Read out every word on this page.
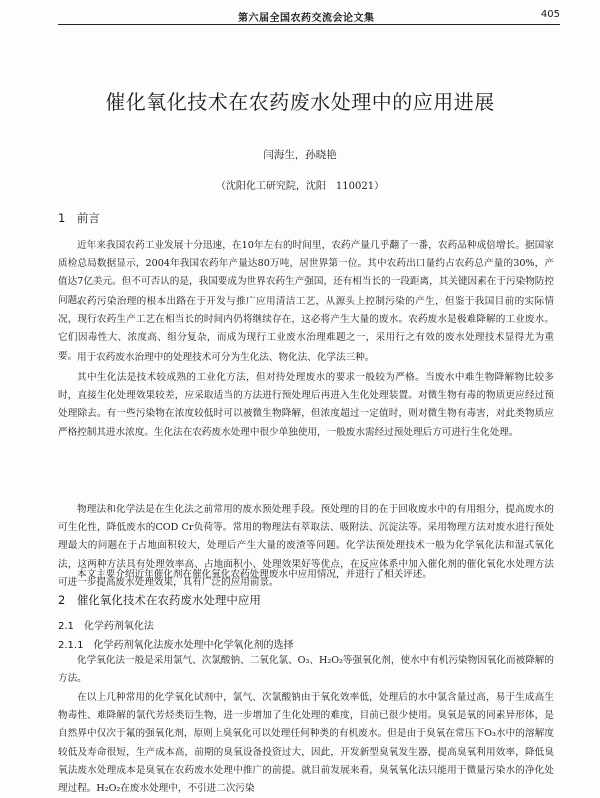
第六届全国农药交流会论文集	405
催化氧化技术在农药废水处理中的应用进展
闫海生，孙晓艳
（沈阳化工研究院，沈阳　110021）
1　前言

近年来我国农药工业发展十分迅速，在10年左右的时间里，农药产量几乎翻了一番，农药品种成倍增长。据国家质检总局数据显示，2004年我国农药年产量达80万吨，居世界第一位。其中农药出口量约占农药总产量的30%，产值达7亿美元。但不可否认的是，我国要成为世界农药生产强国，还有相当长的一段距离，其关键因素在于污染物防控问题。

农药污染治理的根本出路在于开发与推广应用清洁工艺，从源头上控制污染的产生，但鉴于我国目前的实际情况，现行农药生产工艺在相当长的时间内仍将继续存在，这必将产生大量的废水。农药废水是极难降解的工业废水。它们因毒性大、浓度高、组分复杂，而成为现行工业废水治理难题之一，采用行之有效的废水处理技术显得尤为重要。 用于农药废水治理中的处理技术可分为生化法、物化法、化学法三种。

其中生化法是技术较成熟的工业化方法，但对待处理废水的要求一般较为严格。当废水中难生物降解物比较多时，直接生化处理效果较差，应采取适当的方法进行预处理后再进入生化处理装置。对微生物有毒的物质更应经过预处理除去。有一些污染物在浓度较低时可以被微生物降解，但浓度超过一定值时，则对微生物有毒害，对此类物质应严格控制其进水浓度。生化法在农药废水处理中很少单独使用，一般废水需经过预处理后方可进行生化处理。

物理法和化学法是在生化法之前常用的废水预处理手段。预处理的目的在于回收废水中的有用组分，提高废水的可生化性，降低废水的COD Cr负荷等。常用的物理法有萃取法、吸附法、沉淀法等。采用物理方法对废水进行预处理最大的问题在于占地面积较大，处理后产生大量的废渣等问题。化学法预处理技术一般为化学氧化法和湿式氧化法，这两种方法具有处理效率高、占地面积小、处理效果好等优点，在反应体系中加入催化剂的催化氧化水处理方法可进一步提高废水处理效果，具有广泛的应用前景。

本文主要介绍近年催化剂在催化氧化农药处理废水中应用情况，并进行了相关评述。

2　催化氧化技术在农药废水处理中应用
2.1　化学药剂氧化法
2.1.1　化学药剂氧化法废水处理中化学氧化剂的选择

化学氧化法一般是采用氯气、次氯酸钠、二氧化氯、O₃、H₂O₂等强氧化剂，使水中有机污染物因氧化而被降解的方法。

在以上几种常用的化学氧化试剂中，氯气、次氯酸钠由于氧化效率低，处理后的水中氯含量过高，易于生成高生物毒性、难降解的氯代芳烃类衍生物，进一步增加了生化处理的难度，目前已很少使用。臭氧是氧的同素异形体，是自然界中仅次于氟的强氧化剂，原则上臭氧化可以处理任何种类的有机废水。但是由于臭氧在常压下O₃水中的溶解度较低及寿命很短，生产成本高，前期的臭氧设备投资过大，因此，开发新型臭氧发生器，提高臭氧利用效率，降低臭氧法废水处理成本是臭氧在农药废水处理中推广的前提。就目前发展来看，臭氧氧化法只能用于微量污染水的净化处理过程。H₂O₂在废水处理中，不引进二次污染
